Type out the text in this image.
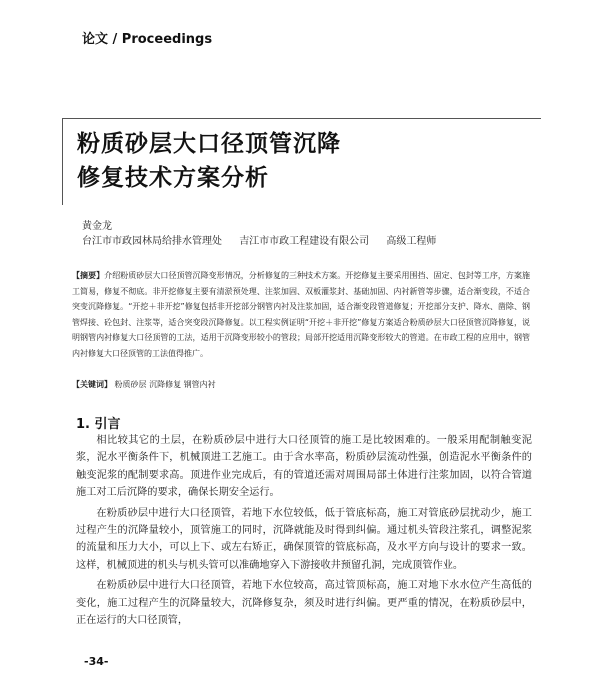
论文 / Proceedings
粉质砂层大口径顶管沉降
修复技术方案分析
黄金龙
台江市市政园林局给排水管理处 吉江市市政工程建设有限公司 高级工程师
【摘要】介绍粉质砂层大口径顶管沉降变形情况，分析修复的三种技术方案。开挖修复主要采用围挡、固定、包封等工序，方案施工简易，修复不彻底。非开挖修复主要有清淤预处理、注浆加固、双板灌浆封、基础加固、内衬新管等步骤，适合渐变段，不适合突变沉降修复。“开挖＋非开挖”修复包括非开挖部分钢管内衬及注浆加固，适合渐变段管道修复；开挖部分支护、降水、凿除、钢管焊接、砼包封、注浆等，适合突变段沉降修复。以工程实例证明“开挖＋非开挖”修复方案适合粉质砂层大口径顶管沉降修复，说明钢管内衬修复大口径顶管的工法，适用于沉降变形较小的管段；局部开挖适用沉降变形较大的管道。在市政工程的应用中，钢管内衬修复大口径顶管的工法值得推广。
【关键词】 粉质砂层 沉降修复 钢管内衬
1. 引言

相比较其它的土层，在粉质砂层中进行大口径顶管的施工是比较困难的。一般采用配制触变泥浆，泥水平衡条件下，机械顶进工艺施工。由于含水率高，粉质砂层流动性强，创造泥水平衡条件的触变泥浆的配制要求高。顶进作业完成后，有的管道还需对周围局部土体进行注浆加固，以符合管道施工对工后沉降的要求，确保长期安全运行。

在粉质砂层中进行大口径顶管，若地下水位较低，低于管底标高，施工对管底砂层扰动少，施工过程产生的沉降量较小，顶管施工的同时，沉降就能及时得到纠偏。通过机头管段注浆孔，调整泥浆的流量和压力大小，可以上下、或左右矫正，确保顶管的管底标高，及水平方向与设计的要求一致。这样，机械顶进的机头与机头管可以准确地穿入下游接收井预留孔洞，完成顶管作业。

在粉质砂层中进行大口径顶管，若地下水位较高，高过管顶标高，施工对地下水水位产生高低的变化，施工过程产生的沉降量较大，沉降修复杂，须及时进行纠偏。更严重的情况，在粉质砂层中，正在运行的大口径顶管，

-34-
